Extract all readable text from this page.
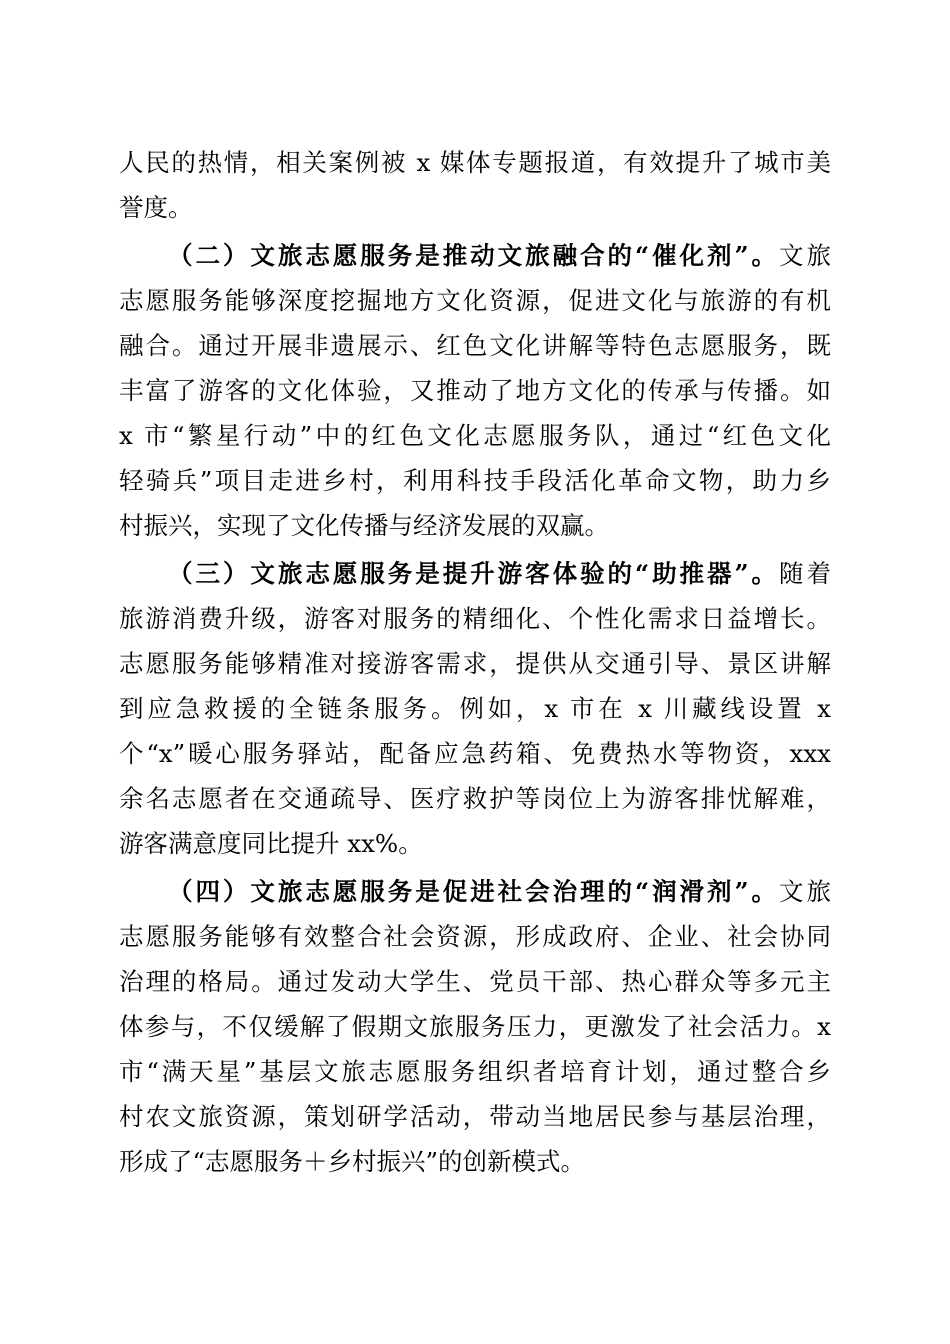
人民的热情，相关案例被 x 媒体专题报道，有效提升了城市美
誉度。
（二）文旅志愿服务是推动文旅融合的“催化剂”。文旅
志愿服务能够深度挖掘地方文化资源，促进文化与旅游的有机
融合。通过开展非遗展示、红色文化讲解等特色志愿服务，既
丰富了游客的文化体验，又推动了地方文化的传承与传播。如
x 市“繁星行动”中的红色文化志愿服务队，通过“红色文化
轻骑兵”项目走进乡村，利用科技手段活化革命文物，助力乡
村振兴，实现了文化传播与经济发展的双赢。
（三）文旅志愿服务是提升游客体验的“助推器”。随着
旅游消费升级，游客对服务的精细化、个性化需求日益增长。
志愿服务能够精准对接游客需求，提供从交通引导、景区讲解
到应急救援的全链条服务。例如，x 市在 x 川藏线设置 x
个“x”暖心服务驿站，配备应急药箱、免费热水等物资，xxx
余名志愿者在交通疏导、医疗救护等岗位上为游客排忧解难，
游客满意度同比提升 xx%。
（四）文旅志愿服务是促进社会治理的“润滑剂”。文旅
志愿服务能够有效整合社会资源，形成政府、企业、社会协同
治理的格局。通过发动大学生、党员干部、热心群众等多元主
体参与，不仅缓解了假期文旅服务压力，更激发了社会活力。x
市“满天星”基层文旅志愿服务组织者培育计划，通过整合乡
村农文旅资源，策划研学活动，带动当地居民参与基层治理，
形成了“志愿服务＋乡村振兴”的创新模式。
